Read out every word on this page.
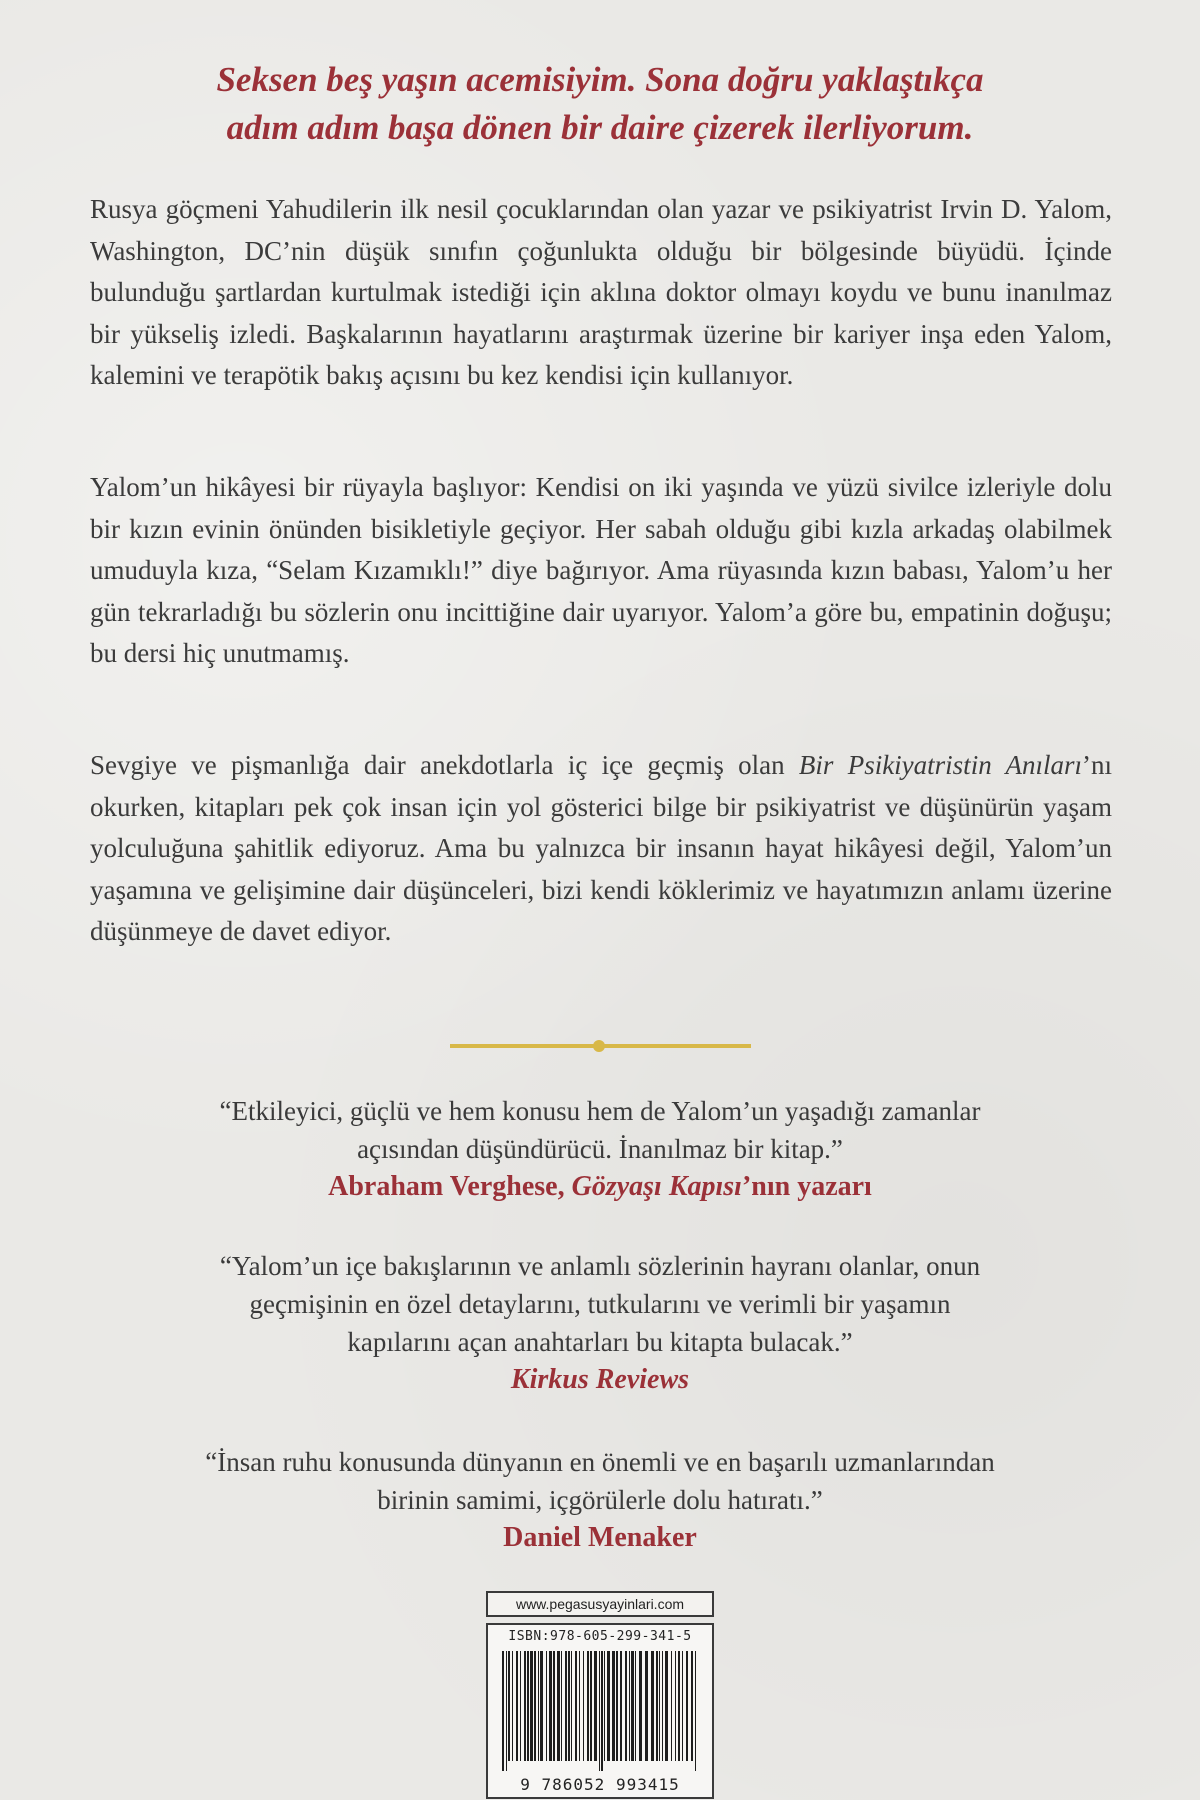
Seksen beş yaşın acemisiyim. Sona doğru yaklaştıkça
adım adım başa dönen bir daire çizerek ilerliyorum.
Rusya göçmeni Yahudilerin ilk nesil çocuklarından olan yazar ve psikiyatrist Irvin D. Yalom, Washington, DC’nin düşük sınıfın çoğunlukta olduğu bir bölgesinde büyüdü. İçinde bulunduğu şartlardan kurtulmak istediği için aklına doktor olmayı koydu ve bunu inanılmaz bir yükseliş izledi. Başkalarının hayatlarını araştırmak üzerine bir kariyer inşa eden Yalom, kalemini ve terapötik bakış açısını bu kez kendisi için kullanıyor.
Yalom’un hikâyesi bir rüyayla başlıyor: Kendisi on iki yaşında ve yüzü sivilce izleriyle dolu bir kızın evinin önünden bisikletiyle geçiyor. Her sabah olduğu gibi kızla arkadaş olabilmek umuduyla kıza, “Selam Kızamıklı!” diye bağırıyor. Ama rüyasında kızın babası, Yalom’u her gün tekrarladığı bu sözlerin onu incittiğine dair uyarıyor. Yalom’a göre bu, empatinin doğuşu; bu dersi hiç unutmamış.
Sevgiye ve pişmanlığa dair anekdotlarla iç içe geçmiş olan Bir Psikiyatristin Anıları’nı okurken, kitapları pek çok insan için yol gösterici bilge bir psikiyatrist ve düşünürün yaşam yolculuğuna şahitlik ediyoruz. Ama bu yalnızca bir insanın hayat hikâyesi değil, Yalom’un yaşamına ve gelişimine dair düşünceleri, bizi kendi köklerimiz ve hayatımızın anlamı üzerine düşünmeye de davet ediyor.
“Etkileyici, güçlü ve hem konusu hem de Yalom’un yaşadığı zamanlar
açısından düşündürücü. İnanılmaz bir kitap.”
Abraham Verghese, Gözyaşı Kapısı’nın yazarı
“Yalom’un içe bakışlarının ve anlamlı sözlerinin hayranı olanlar, onun
geçmişinin en özel detaylarını, tutkularını ve verimli bir yaşamın
kapılarını açan anahtarları bu kitapta bulacak.”
Kirkus Reviews
“İnsan ruhu konusunda dünyanın en önemli ve en başarılı uzmanlarından
birinin samimi, içgörülerle dolu hatıratı.”
Daniel Menaker
www.pegasusyayinlari.com
ISBN:978-605-299-341-5
9 786052 993415
